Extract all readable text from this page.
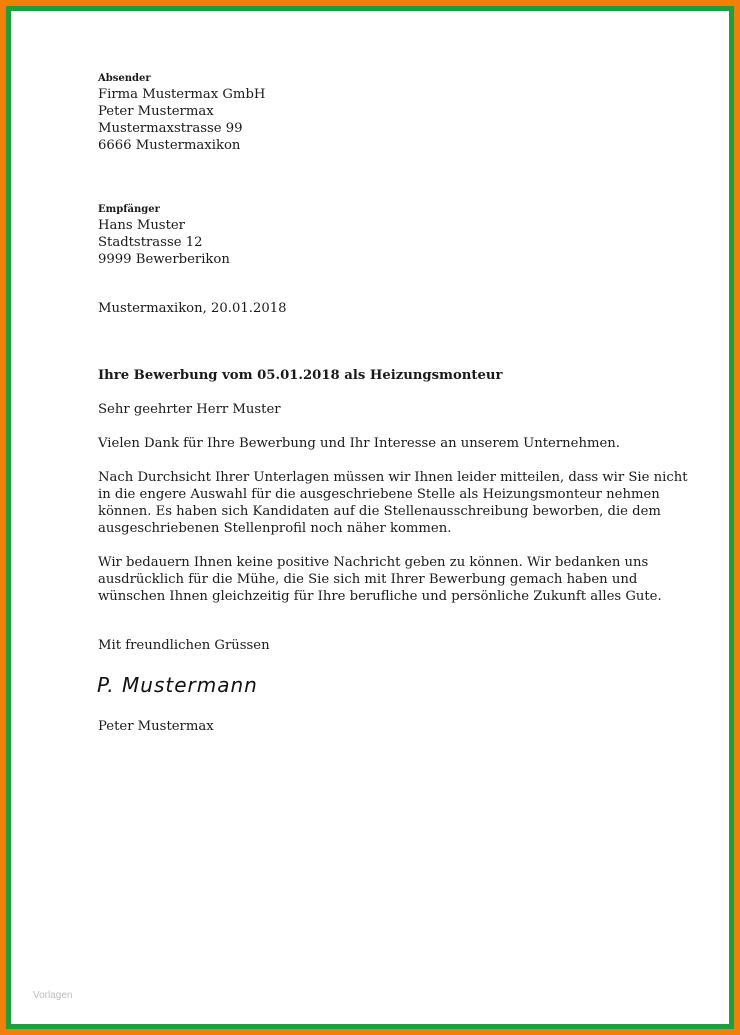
Absender
Firma Mustermax GmbH
Peter Mustermax
Mustermaxstrasse 99
6666 Mustermaxikon
Empfänger
Hans Muster
Stadtstrasse 12
9999 Bewerberikon
Mustermaxikon, 20.01.2018
Ihre Bewerbung vom 05.01.2018 als Heizungsmonteur
Sehr geehrter Herr Muster
Vielen Dank für Ihre Bewerbung und Ihr Interesse an unserem Unternehmen.
Nach Durchsicht Ihrer Unterlagen müssen wir Ihnen leider mitteilen, dass wir Sie nicht
in die engere Auswahl für die ausgeschriebene Stelle als Heizungsmonteur nehmen
können. Es haben sich Kandidaten auf die Stellenausschreibung beworben, die dem
ausgeschriebenen Stellenprofil noch näher kommen.
Wir bedauern Ihnen keine positive Nachricht geben zu können. Wir bedanken uns
ausdrücklich für die Mühe, die Sie sich mit Ihrer Bewerbung gemach haben und
wünschen Ihnen gleichzeitig für Ihre berufliche und persönliche Zukunft alles Gute.
Mit freundlichen Grüssen
P. Mustermann
Peter Mustermax
Vorlagen
